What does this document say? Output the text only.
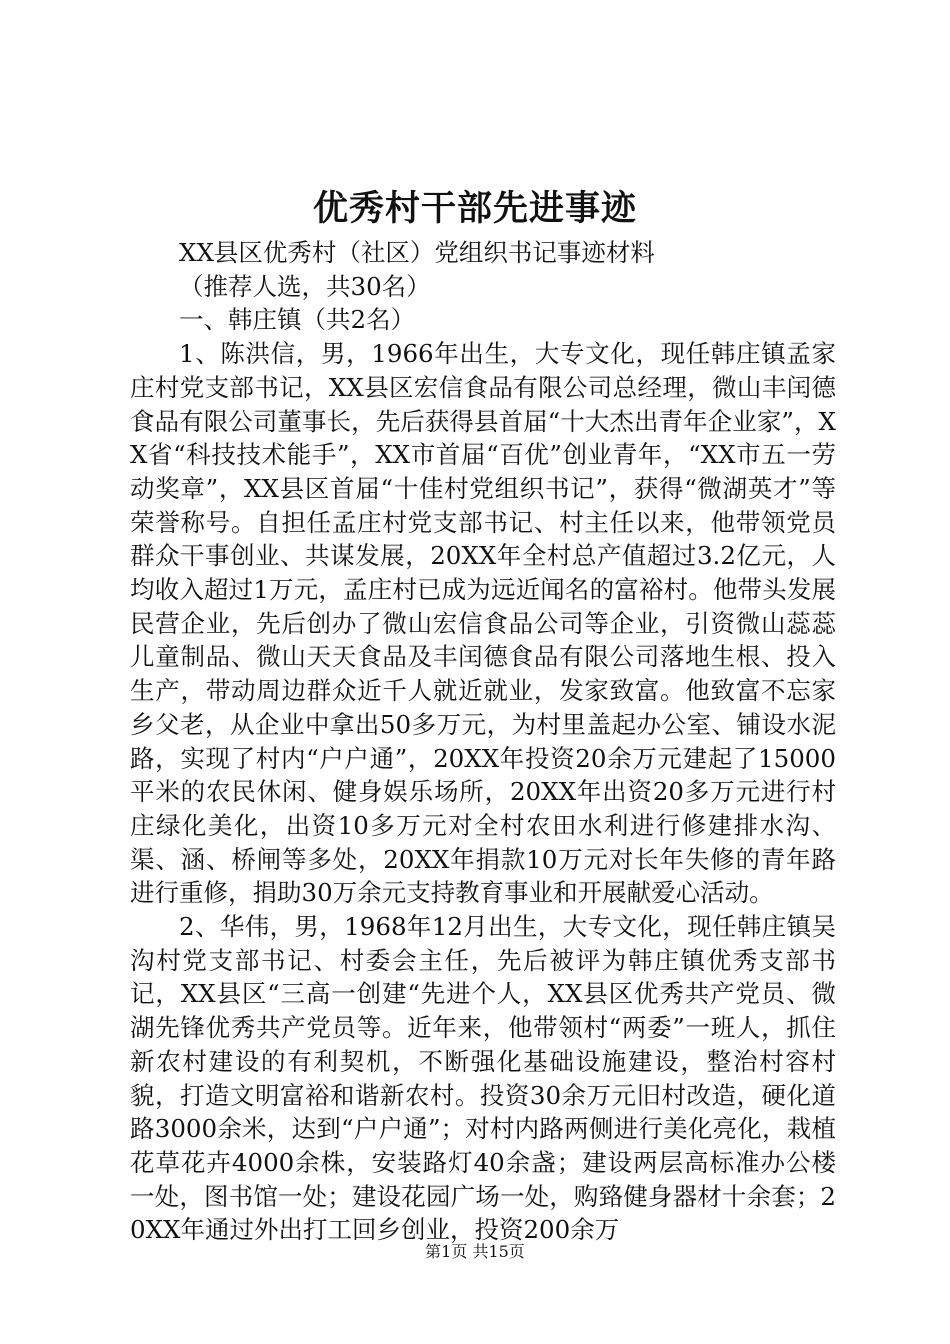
优秀村干部先进事迹

XX县区优秀村（社区）党组织书记事迹材料

（推荐人选，共30名）

一、韩庄镇（共2名）

1、陈洪信，男，1966年出生，大专文化，现任韩庄镇孟家庄村党支部书记，XX县区宏信食品有限公司总经理，微山丰闰德食品有限公司董事长，先后获得县首届“十大杰出青年企业家”，XX省“科技技术能手”，XX市首届“百优”创业青年，“XX市五一劳动奖章”，XX县区首届“十佳村党组织书记”，获得“微湖英才”等荣誉称号。自担任孟庄村党支部书记、村主任以来，他带领党员群众干事创业、共谋发展，20XX年全村总产值超过3.2亿元，人均收入超过1万元，孟庄村已成为远近闻名的富裕村。他带头发展民营企业，先后创办了微山宏信食品公司等企业，引资微山蕊蕊儿童制品、微山天天食品及丰闰德食品有限公司落地生根、投入生产，带动周边群众近千人就近就业，发家致富。他致富不忘家乡父老，从企业中拿出50多万元，为村里盖起办公室、铺设水泥路，实现了村内“户户通”，20XX年投资20余万元建起了15000平米的农民休闲、健身娱乐场所，20XX年出资20多万元进行村庄绿化美化，出资10多万元对全村农田水利进行修建排水沟、渠、涵、桥闸等多处，20XX年捐款10万元对长年失修的青年路进行重修，捐助30万余元支持教育事业和开展献爱心活动。

2、华伟，男，1968年12月出生，大专文化，现任韩庄镇吴沟村党支部书记、村委会主任，先后被评为韩庄镇优秀支部书记，XX县区“三高一创建“先进个人，XX县区优秀共产党员、微湖先锋优秀共产党员等。近年来，他带领村“两委”一班人，抓住新农村建设的有利契机，不断强化基础设施建设，整治村容村貌，打造文明富裕和谐新农村。投资30余万元旧村改造，硬化道路3000余米，达到“户户通”；对村内路两侧进行美化亮化，栽植花草花卉4000余株，安装路灯40余盏；建设两层高标准办公楼一处，图书馆一处；建设花园广场一处，购臵健身器材十余套；20XX年通过外出打工回乡创业，投资200余万

第1页 共15页
